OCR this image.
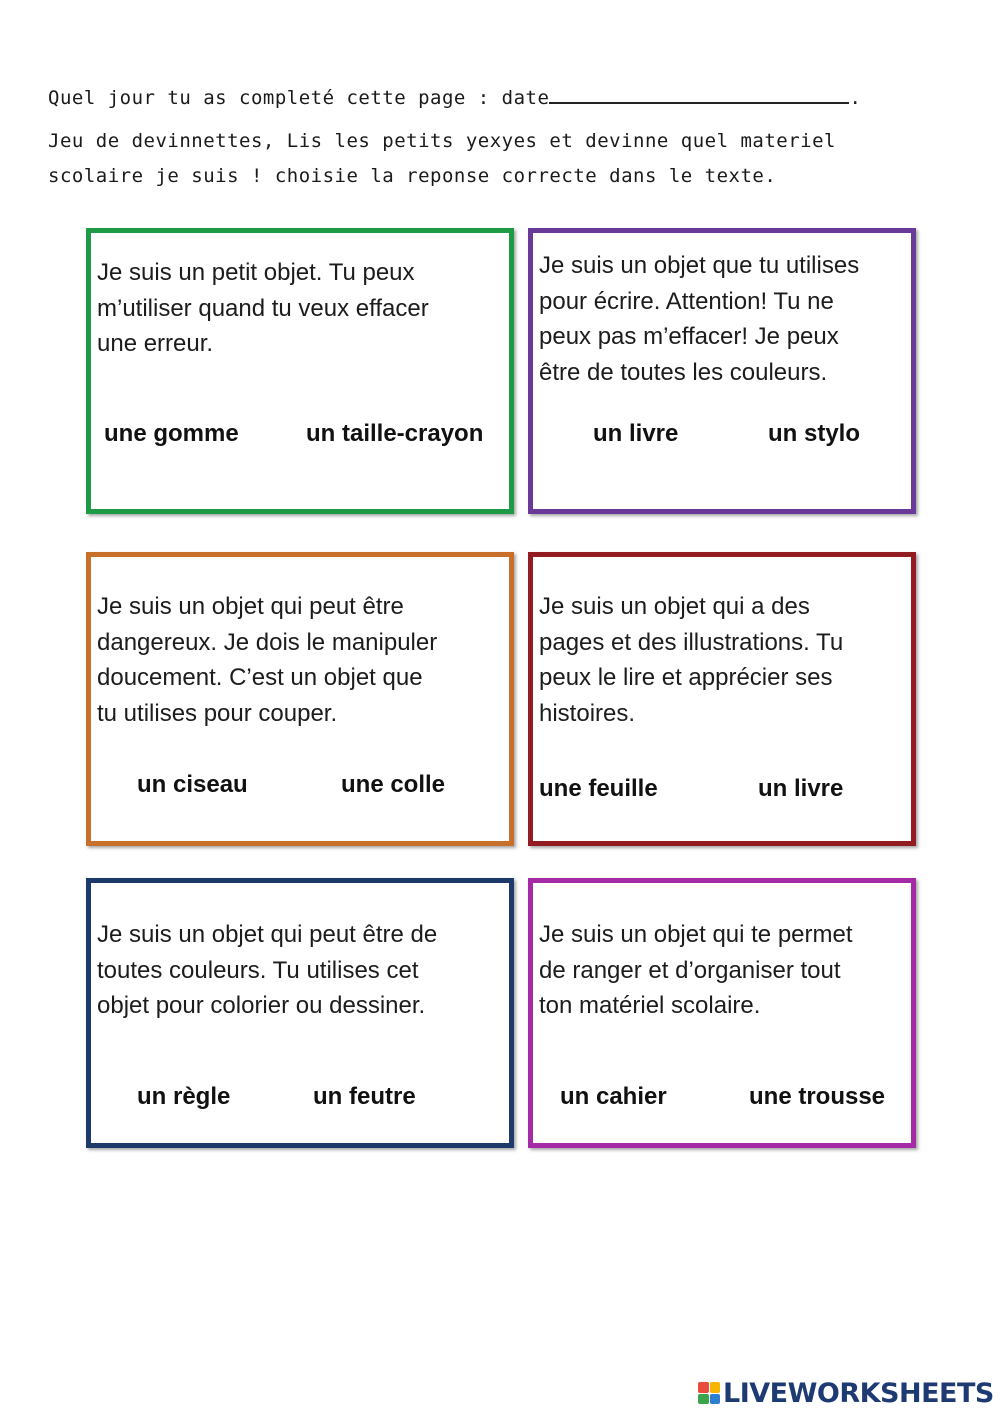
Quel jour tu as completé cette page : date	.
Jeu de devinnettes, Lis les petits yexyes et devinne quel materiel
scolaire je suis ! choisie la reponse correcte dans le texte.
Je suis un petit objet. Tu peux
m’utiliser quand tu veux effacer
une erreur.
une gomme	un taille-crayon
Je suis un objet que tu utilises
pour écrire. Attention! Tu ne
peux pas m’effacer! Je peux
être de toutes les couleurs.
un livre	un stylo
Je suis un objet qui peut être
dangereux. Je dois le manipuler
doucement. C’est un objet que
tu utilises pour couper.
un ciseau	une colle
Je suis un objet qui a des
pages et des illustrations. Tu
peux le lire et apprécier ses
histoires.
une feuille	un livre
Je suis un objet qui peut être de
toutes couleurs. Tu utilises cet
objet pour colorier ou dessiner.
un règle	un feutre
Je suis un objet qui te permet
de ranger et d’organiser tout
ton matériel scolaire.
un cahier	une trousse
LIVEWORKSHEETS
